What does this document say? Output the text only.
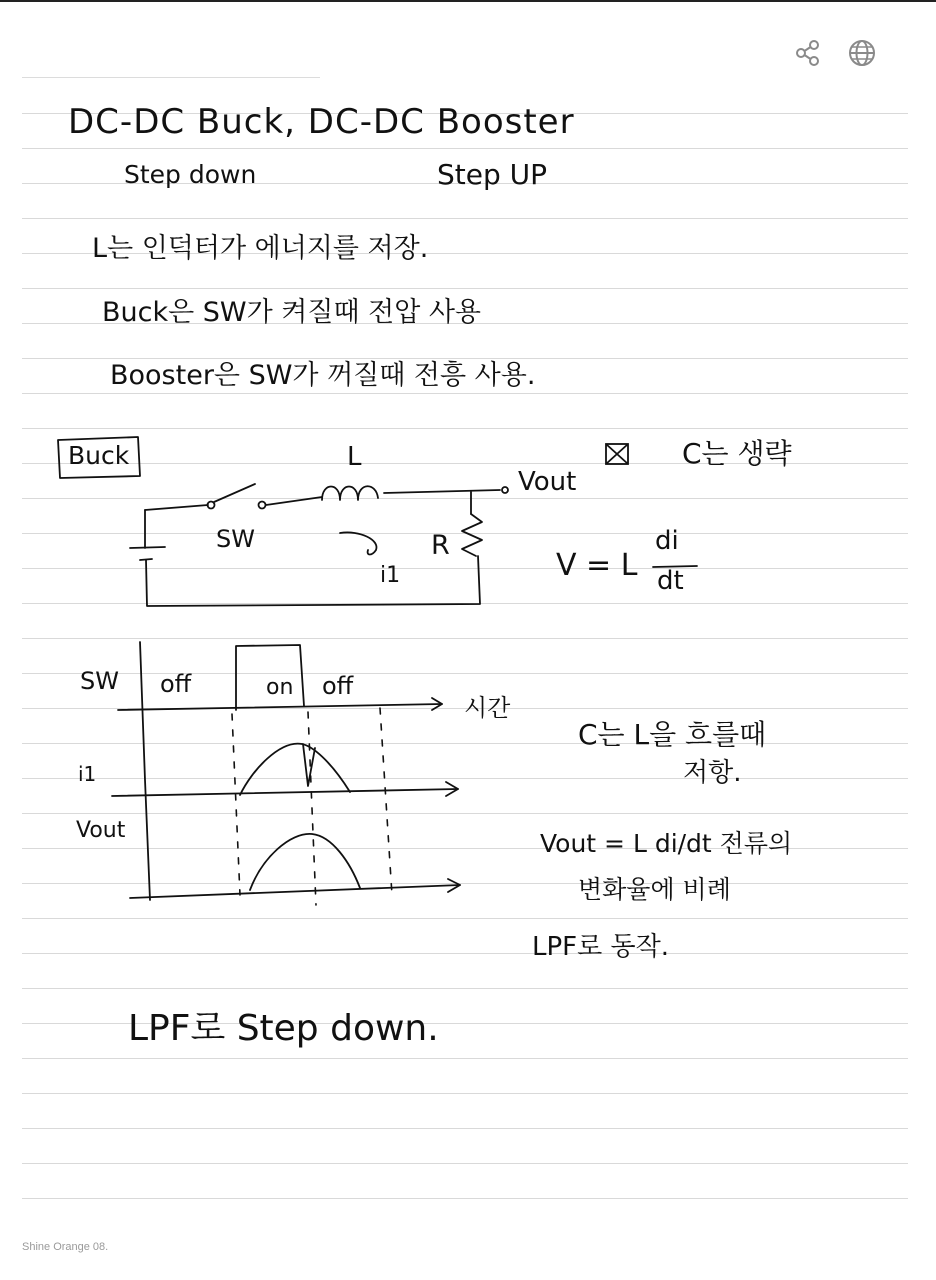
DC-DC Buck, DC-DC Booster
Step down	Step UP
L는 인덕터가 에너지를 저장.
Buck은 SW가 켜질때 전압 사용
Booster은 SW가 꺼질때 전흥 사용.
Buck	L
Vout
SW
i1
R
C는 생략
V = L
di
dt
SW off	on off
시간
i1
Vout
C는 L을 흐를때
저항.
Vout = L di/dt 전류의
변화율에 비례
LPF로 동작.
LPF로 Step down.
Shine Orange 08.
